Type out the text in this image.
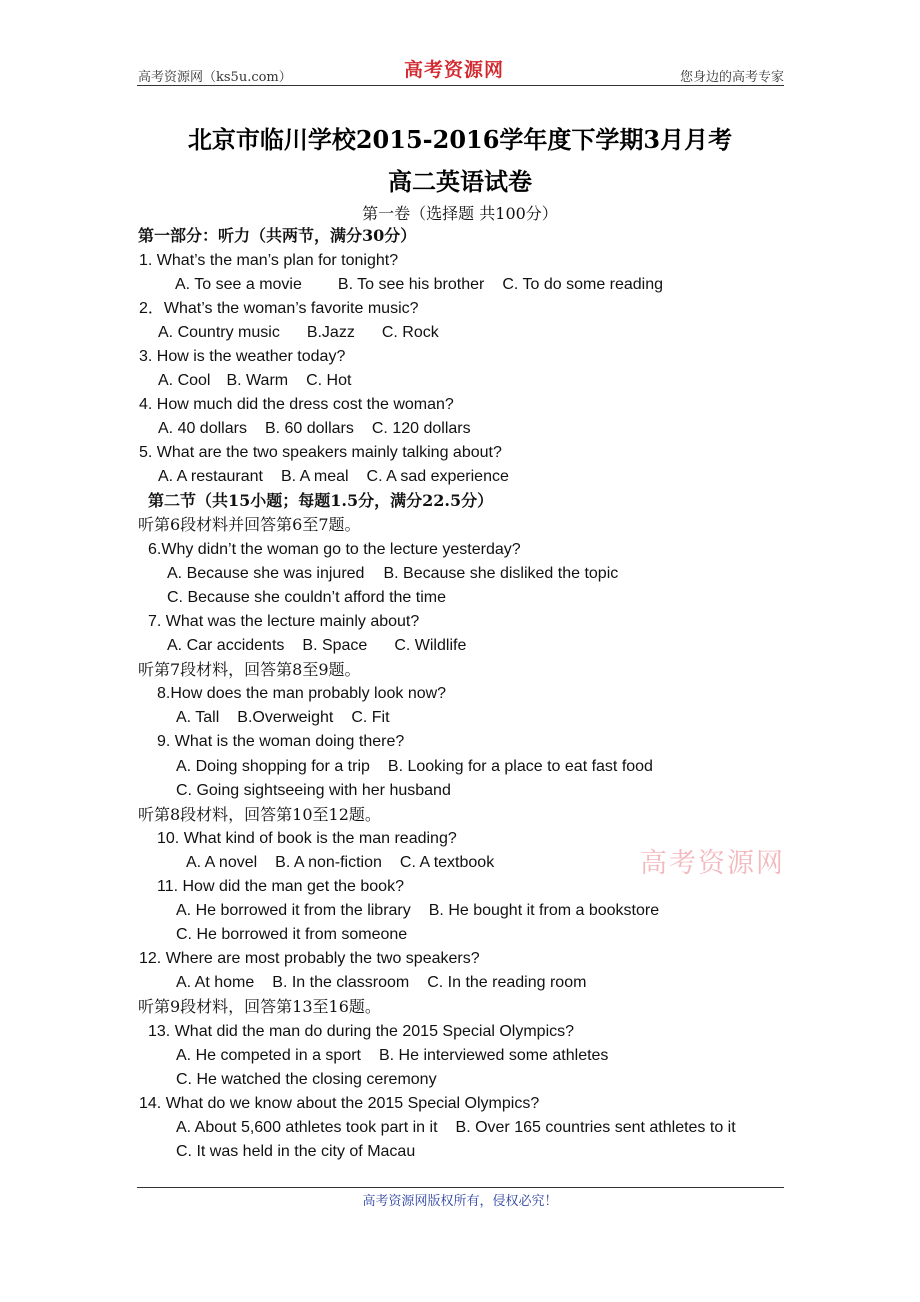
高考资源网（ks5u.com）	高考资源网	您身边的高考专家
北京市临川学校2015-2016学年度下学期3月月考
高二英语试卷
第一卷（选择题 共100分）
第一部分：听力（共两节，满分30分）
1. What’s the man’s plan for tonight?
A. To see a movie B. To see his brother C. To do some reading
2．What’s the woman’s favorite music?
A. Country music B.Jazz C. Rock
3. How is the weather today?
A. Cool B. Warm C. Hot
4. How much did the dress cost the woman?
A. 40 dollars B. 60 dollars C. 120 dollars
5. What are the two speakers mainly talking about?
A. A restaurant B. A meal C. A sad experience
第二节（共15小题；每题1.5分，满分22.5分）
听第6段材料并回答第6至7题。
6.Why didn’t the woman go to the lecture yesterday?
A. Because she was injured B. Because she disliked the topic
C. Because she couldn’t afford the time
7. What was the lecture mainly about?
A. Car accidents B. Space C. Wildlife
听第7段材料，回答第8至9题。
8.How does the man probably look now?
A. Tall B.Overweight C. Fit
9. What is the woman doing there?
A. Doing shopping for a trip B. Looking for a place to eat fast food
C. Going sightseeing with her husband
听第8段材料，回答第10至12题。
10. What kind of book is the man reading?
A. A novel B. A non-fiction C. A textbook	高考资源网
11. How did the man get the book?
A. He borrowed it from the library B. He bought it from a bookstore
C. He borrowed it from someone
12. Where are most probably the two speakers?
A. At home B. In the classroom C. In the reading room
听第9段材料，回答第13至16题。
13. What did the man do during the 2015 Special Olympics?
A. He competed in a sport B. He interviewed some athletes
C. He watched the closing ceremony
14. What do we know about the 2015 Special Olympics?
A. About 5,600 athletes took part in it B. Over 165 countries sent athletes to it
C. It was held in the city of Macau
高考资源网版权所有，侵权必究！
